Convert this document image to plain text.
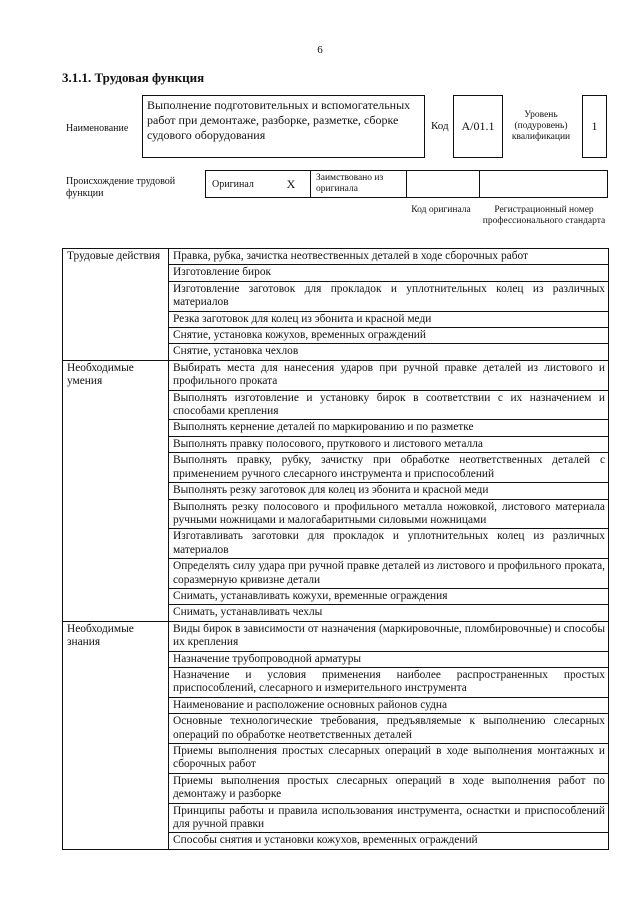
6
3.1.1. Трудовая функция
Наименование
Выполнение подготовительных и вспомогательных работ при демонтаже, разборке, разметке, сборке судового оборудования
Код	А/01.1
Уровень (подуровень) квалификации
1
Происхождение трудовой функции
Оригинал	X	Заимствовано из оригинала
Код оригинала	Регистрационный номер профессионального стандарта
Трудовые действия	Правка, рубка, зачистка неотвественных деталей в ходе сборочных работ
	Изготовление бирок
	Изготовление заготовок для прокладок и уплотнительных колец из различных материалов
	Резка заготовок для колец из эбонита и красной меди
	Снятие, установка кожухов, временных ограждений
	Снятие, установка чехлов
Необходимые умения	Выбирать места для нанесения ударов при ручной правке деталей из листового и профильного проката
	Выполнять изготовление и установку бирок в соответствии с их назначением и способами крепления
	Выполнять кернение деталей по маркированию и по разметке
	Выполнять правку полосового, пруткового и листового металла
	Выполнять правку, рубку, зачистку при обработке неответственных деталей с применением ручного слесарного инструмента и приспособлений
	Выполнять резку заготовок для колец из эбонита и красной меди
	Выполнять резку полосового и профильного металла ножовкой, листового материала ручными ножницами и малогабаритными силовыми ножницами
	Изготавливать заготовки для прокладок и уплотнительных колец из различных материалов
	Определять силу удара при ручной правке деталей из листового и профильного проката, соразмерную кривизне детали
	Снимать, устанавливать кожухи, временные ограждения
	Снимать, устанавливать чехлы
Необходимые знания	Виды бирок в зависимости от назначения (маркировочные, пломбировочные) и способы их крепления
	Назначение трубопроводной арматуры
	Назначение и условия применения наиболее распространенных простых приспособлений, слесарного и измерительного инструмента
	Наименование и расположение основных районов судна
	Основные технологические требования, предъявляемые к выполнению слесарных операций по обработке неответственных деталей
	Приемы выполнения простых слесарных операций в ходе выполнения монтажных и сборочных работ
	Приемы выполнения простых слесарных операций в ходе выполнения работ по демонтажу и разборке
	Принципы работы и правила использования инструмента, оснастки и приспособлений для ручной правки
	Способы снятия и установки кожухов, временных ограждений
